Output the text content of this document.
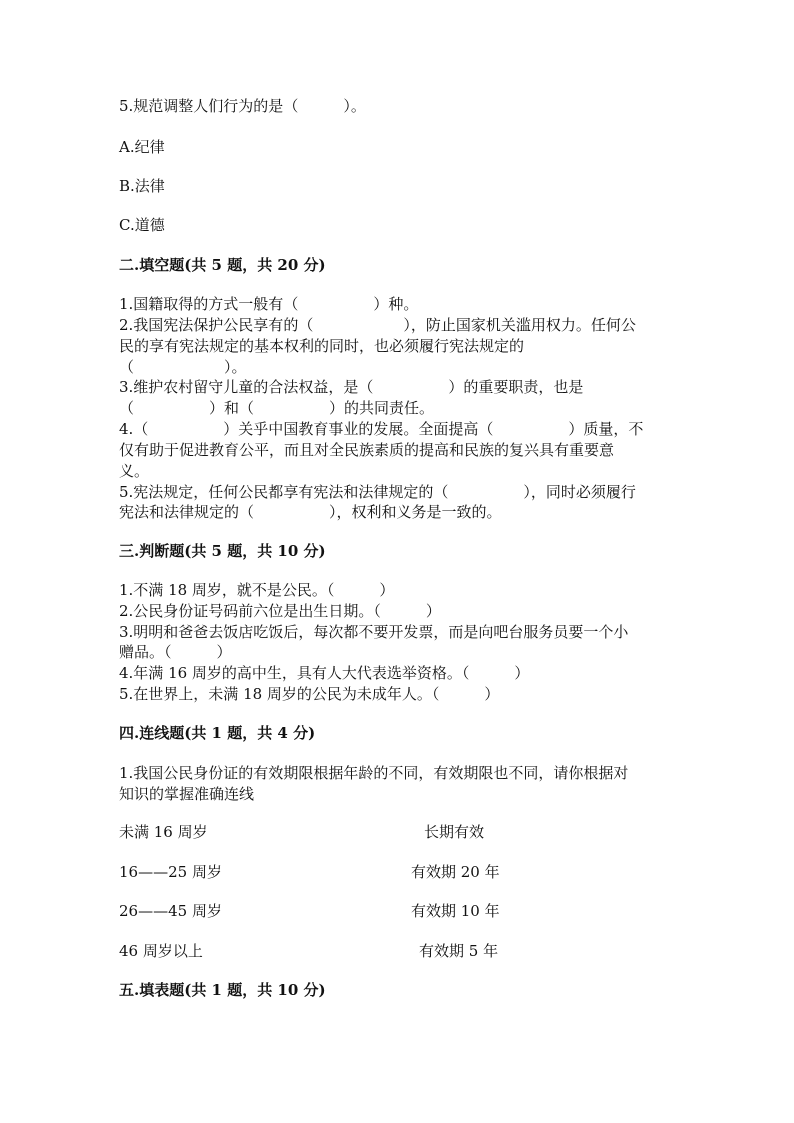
5.规范调整人们行为的是（　　　）。
A.纪律
B.法律
C.道德
二.填空题(共 5 题，共 20 分)
1.国籍取得的方式一般有（　　　　　）种。
2.我国宪法保护公民享有的（　　　　　　），防止国家机关滥用权力。任何公
民的享有宪法规定的基本权利的同时，也必须履行宪法规定的
（　　　　　　）。
3.维护农村留守儿童的合法权益，是（　　　　　）的重要职责，也是
（　　　　　）和（　　　　　）的共同责任。
4.（　　　　　）关乎中国教育事业的发展。全面提高（　　　　　）质量，不
仅有助于促进教育公平，而且对全民族素质的提高和民族的复兴具有重要意
义。
5.宪法规定，任何公民都享有宪法和法律规定的（　　　　　），同时必须履行
宪法和法律规定的（　　　　　），权利和义务是一致的。
三.判断题(共 5 题，共 10 分)
1.不满 18 周岁，就不是公民。（　　　）
2.公民身份证号码前六位是出生日期。（　　　）
3.明明和爸爸去饭店吃饭后，每次都不要开发票，而是向吧台服务员要一个小
赠品。（　　　）
4.年满 16 周岁的高中生，具有人大代表选举资格。（　　　）
5.在世界上，未满 18 周岁的公民为未成年人。（　　　）
四.连线题(共 1 题，共 4 分)
1.我国公民身份证的有效期限根据年龄的不同，有效期限也不同，请你根据对
知识的掌握准确连线
未满 16 周岁	长期有效
16——25 周岁	有效期 20 年
26——45 周岁	有效期 10 年
46 周岁以上	有效期 5 年
五.填表题(共 1 题，共 10 分)
